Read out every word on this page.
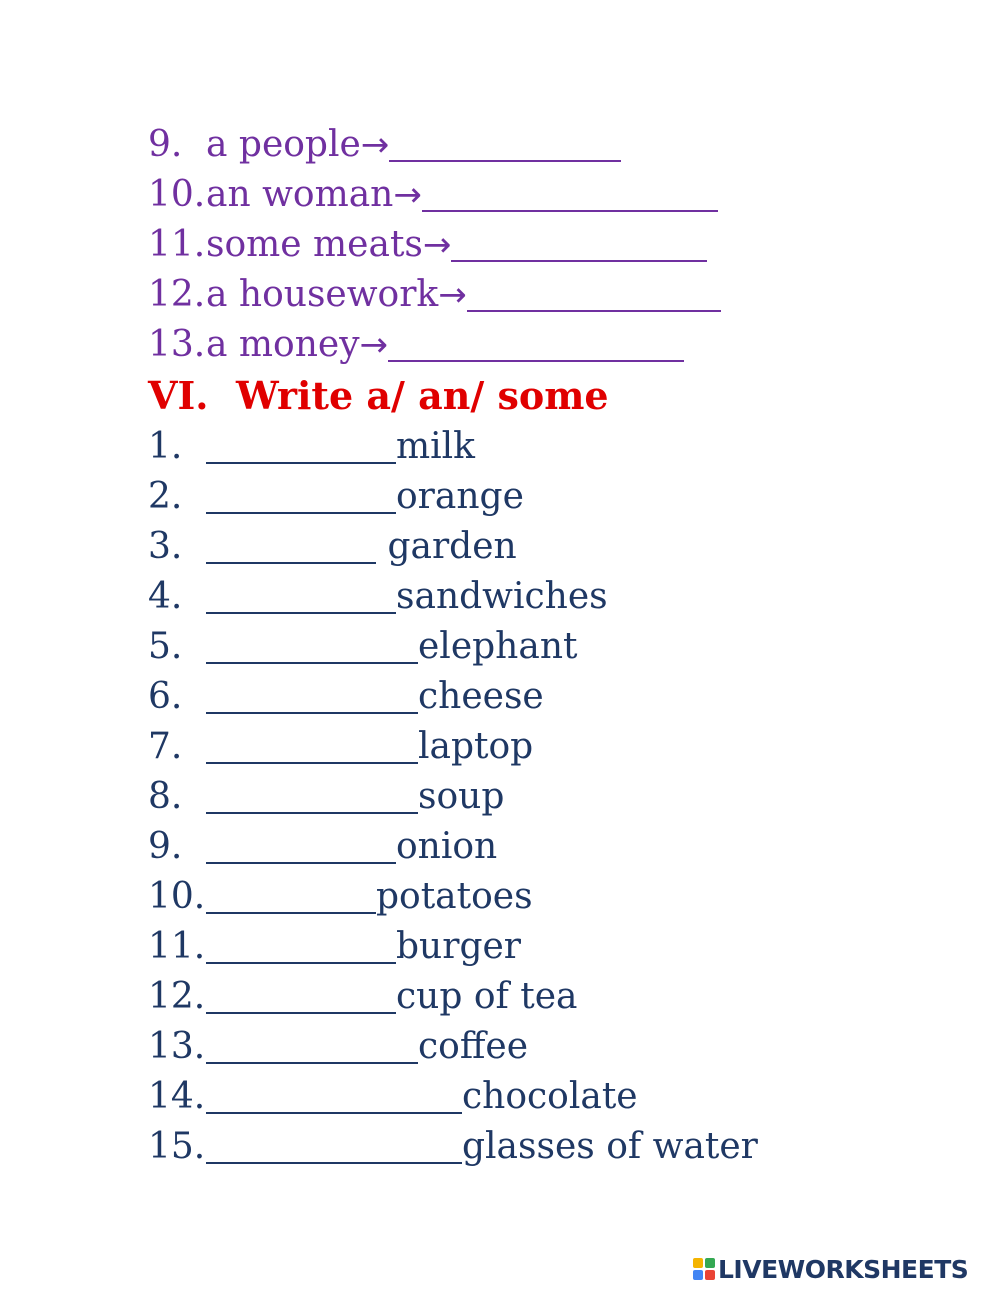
9. a people→
10.an woman→
11.some meats→
12.a housework→
13.a money→
VI. Write a/ an/ some
1.	milk
2.	orange
3.	garden
4.	sandwiches
5.	elephant
6.	cheese
7.	laptop
8.	soup
9.	onion
10.	potatoes
11.	burger
12.	cup of tea
13.	coffee
14.	chocolate
15.	glasses of water
LIVEWORKSHEETS
